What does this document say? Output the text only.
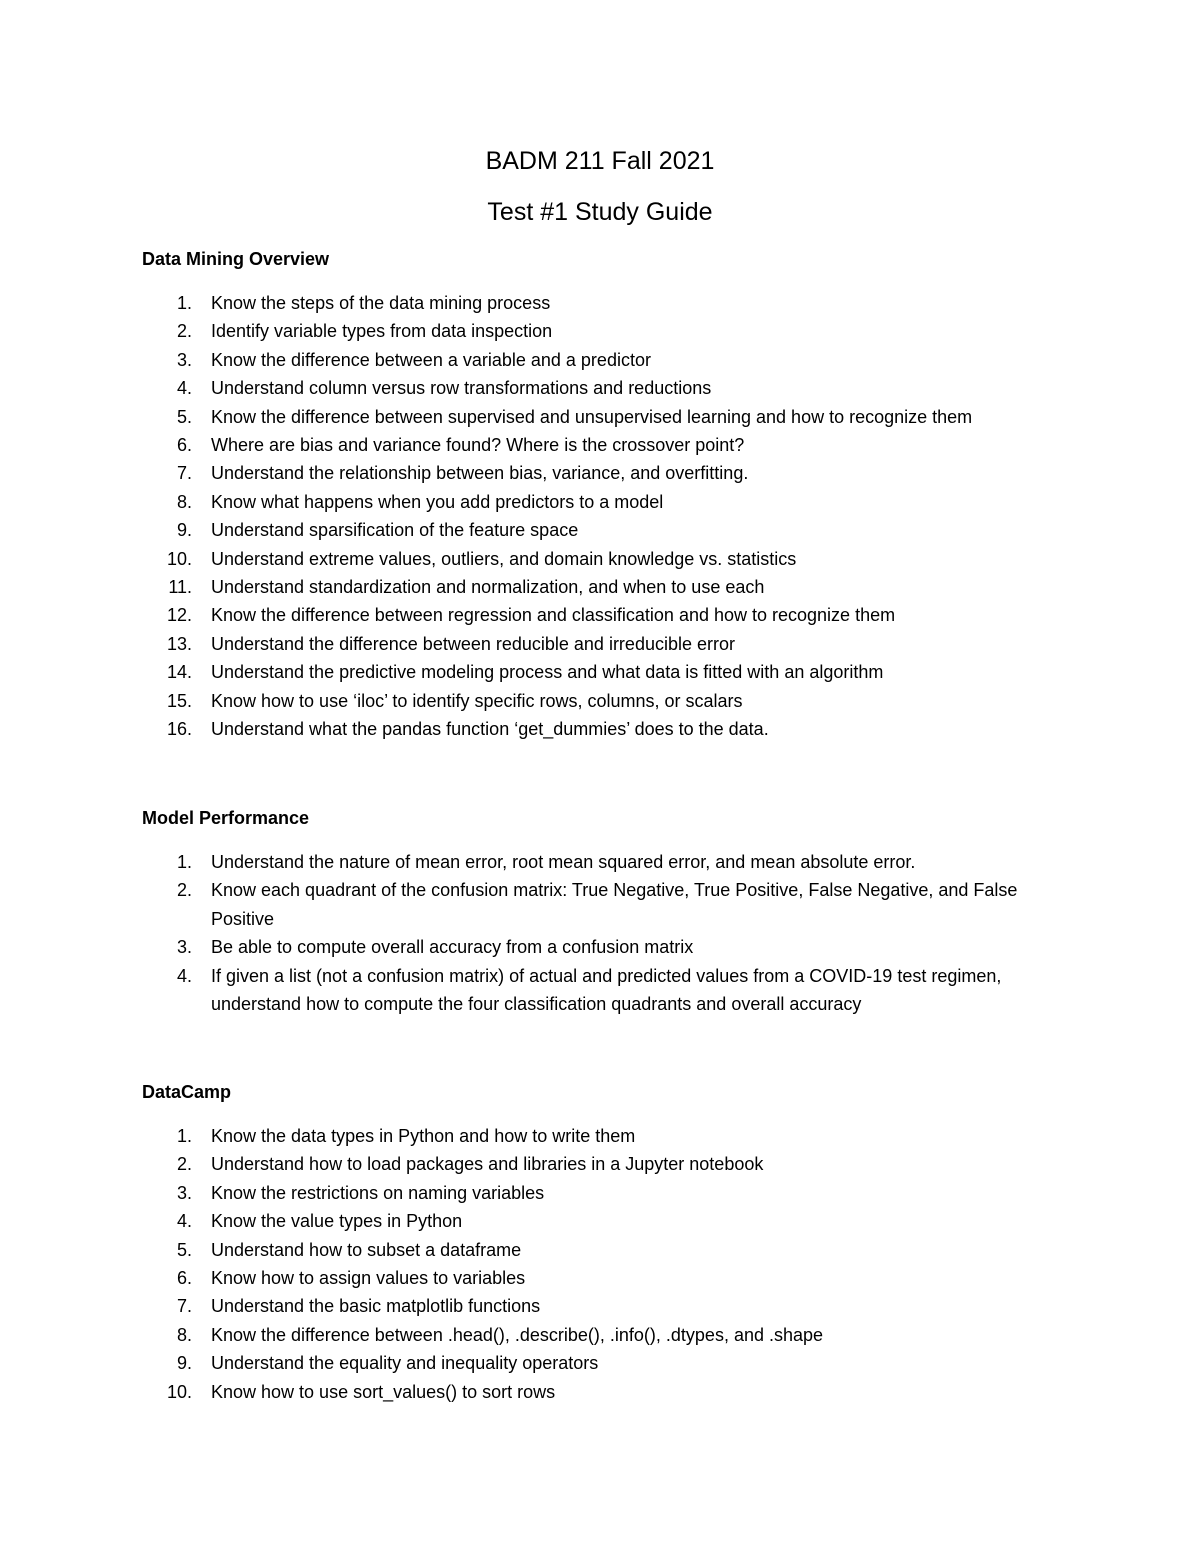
BADM 211 Fall 2021
Test #1 Study Guide
Data Mining Overview
1. Know the steps of the data mining process
2. Identify variable types from data inspection
3. Know the difference between a variable and a predictor
4. Understand column versus row transformations and reductions
5. Know the difference between supervised and unsupervised learning and how to recognize them
6. Where are bias and variance found? Where is the crossover point?
7. Understand the relationship between bias, variance, and overfitting.
8. Know what happens when you add predictors to a model
9. Understand sparsification of the feature space
10. Understand extreme values, outliers, and domain knowledge vs. statistics
11. Understand standardization and normalization, and when to use each
12. Know the difference between regression and classification and how to recognize them
13. Understand the difference between reducible and irreducible error
14. Understand the predictive modeling process and what data is fitted with an algorithm
15. Know how to use ‘iloc’ to identify specific rows, columns, or scalars
16. Understand what the pandas function ‘get_dummies’ does to the data.
Model Performance
1. Understand the nature of mean error, root mean squared error, and mean absolute error.
2. Know each quadrant of the confusion matrix: True Negative, True Positive, False Negative, and False Positive
3. Be able to compute overall accuracy from a confusion matrix
4. If given a list (not a confusion matrix) of actual and predicted values from a COVID-19 test regimen, understand how to compute the four classification quadrants and overall accuracy
DataCamp
1. Know the data types in Python and how to write them
2. Understand how to load packages and libraries in a Jupyter notebook
3. Know the restrictions on naming variables
4. Know the value types in Python
5. Understand how to subset a dataframe
6. Know how to assign values to variables
7. Understand the basic matplotlib functions
8. Know the difference between .head(), .describe(), .info(), .dtypes, and .shape
9. Understand the equality and inequality operators
10. Know how to use sort_values() to sort rows
